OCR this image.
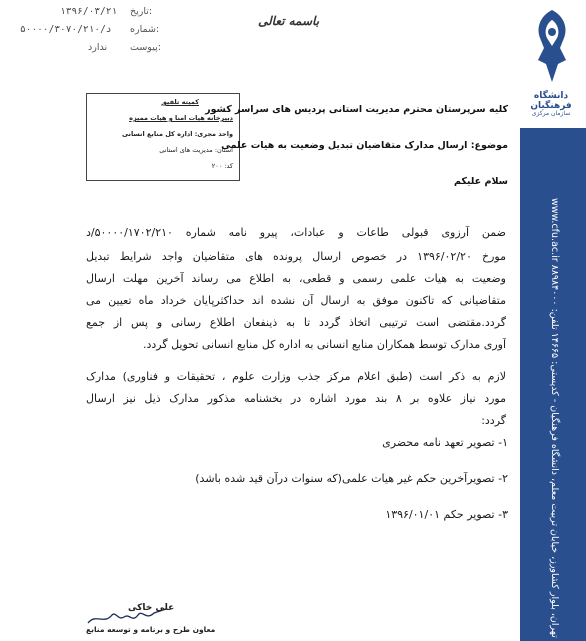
دانشگاه فرهنگیان
سازمان مرکزی
تهران، بلوار کشاورز، خیابان تربیت معلم، دانشگاه فرهنگیان - کدپستی: ۱۴۶۶۵ تلفن: ۸۸۹۸۴۰۰۰ www.cfu.ac.ir
تاریخ:
۱۳۹۶/۰۳/۲۱
شماره:
۵۰۰۰۰/۳۰۷۰/۲۱۰/د
پیوست:
ندارد
باسمه تعالی
کمیته تلفیق
دبیرخانه هیات امنا و هیات ممیزه
واحد مجری: اداره کل منابع انسانی
استان: مدیریت های استانی
کد: ۲۰۰
کلیه سرپرستان محترم مدیریت استانی پردیس های سراسر کشور
موضوع: ارسال مدارک متقاضیان تبدیل وضعیت به هیات علمی
سلام علیکم
ضمن آرزوی قبولی طاعات و عبادات، پیرو نامه شماره ۵۰۰۰۰/۱۷۰۲/۲۱۰/د
مورخ ۱۳۹۶/۰۲/۲۰ در خصوص ارسال پرونده های متقاضیان واجد شرایط تبدیل
وضعیت به هیات علمی رسمی و قطعی، به اطلاع می رساند آخرین مهلت ارسال
متقاضیانی که تاکنون موفق به ارسال آن نشده اند حداکثرپایان خرداد ماه تعیین می
گردد.مقتضی است ترتیبی اتخاذ گردد تا به ذینفعان اطلاع رسانی و پس از جمع
آوری مدارک توسط همکاران منابع انسانی به اداره کل منابع انسانی تحویل گردد.
لازم به ذکر است (طبق اعلام مرکز جذب وزارت علوم ، تحقیقات و فناوری) مدارک
مورد نیاز علاوه بر ۸ بند مورد اشاره در بخشنامه مذکور مدارک ذیل نیز ارسال
گردد:
۱- تصویر تعهد نامه محضری
۲- تصویرآخرین حکم غیر هیات علمی(که سنوات درآن قید شده باشد)
۳- تصویر حکم ۱۳۹۶/۰۱/۰۱
علی خاکی
معاون طرح و برنامه و توسعه منابع
